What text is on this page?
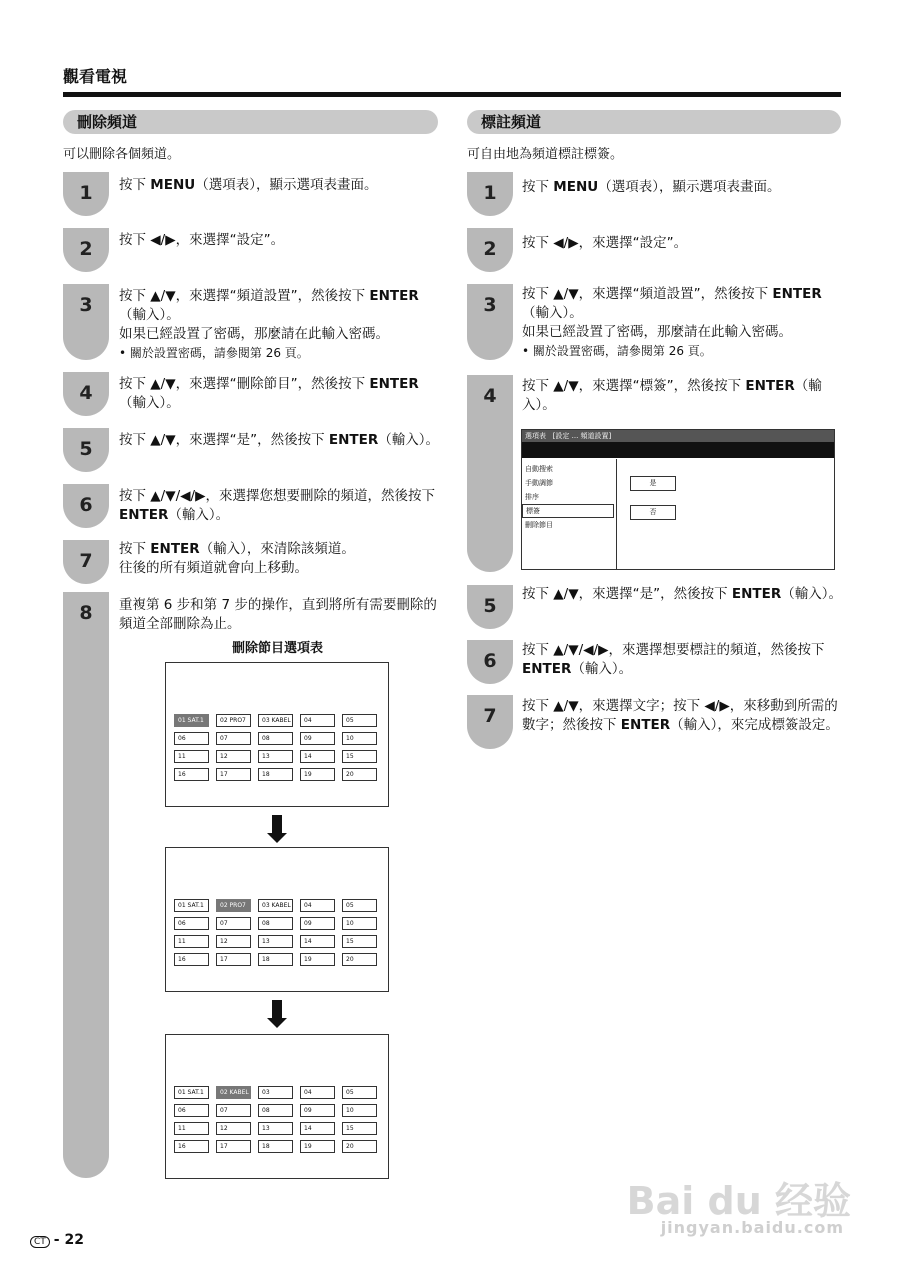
觀看電視
刪除頻道
可以刪除各個頻道。
1	按下 MENU（選項表），顯示選項表畫面。
2	按下 ◀/▶，來選擇“設定”。
3	按下 ▲/▼，來選擇“頻道設置”，然後按下 ENTER（輸入）。
如果已經設置了密碼，那麼請在此輸入密碼。
• 關於設置密碼，請參閱第 26 頁。
4	按下 ▲/▼，來選擇“刪除節目”，然後按下 ENTER（輸入）。
5	按下 ▲/▼，來選擇“是”，然後按下 ENTER（輸入）。
6	按下 ▲/▼/◀/▶，來選擇您想要刪除的頻道，然後按下 ENTER（輸入）。
7
按下 ENTER（輸入），來清除該頻道。
往後的所有頻道就會向上移動。
8	重複第 6 步和第 7 步的操作，直到將所有需要刪除的頻道全部刪除為止。
刪除節目選項表
01 SAT.1	02 PRO7	03 KABEL	04	05
06	07	08	09	10
11	12	13	14	15
16	17	18	19	20
01 SAT.1	02 PRO7	03 KABEL	04	05
06	07	08	09	10
11	12	13	14	15
16	17	18	19	20
01 SAT.1	02 KABEL	03	04	05
06	07	08	09	10
11	12	13	14	15
16	17	18	19	20
標註頻道
可自由地為頻道標註標簽。
1	按下 MENU（選項表），顯示選項表畫面。
2	按下 ◀/▶，來選擇“設定”。
3	按下 ▲/▼，來選擇“頻道設置”，然後按下 ENTER（輸入）。
如果已經設置了密碼，那麼請在此輸入密碼。
• 關於設置密碼，請參閱第 26 頁。
4	按下 ▲/▼，來選擇“標簽”，然後按下 ENTER（輸入）。
5
按下 ▲/▼，來選擇“是”，然後按下 ENTER（輸入）。
6	按下 ▲/▼/◀/▶，來選擇想要標註的頻道，然後按下 ENTER（輸入）。
7	按下 ▲/▼，來選擇文字；按下 ◀/▶，來移動到所需的數字；然後按下 ENTER（輸入），來完成標簽設定。
選項表 [設定 ... 頻道設置]
自動搜索
手動調節
排序
標簽
刪除節目
是
否
CT - 22
Bai du 经验
jingyan.baidu.com
